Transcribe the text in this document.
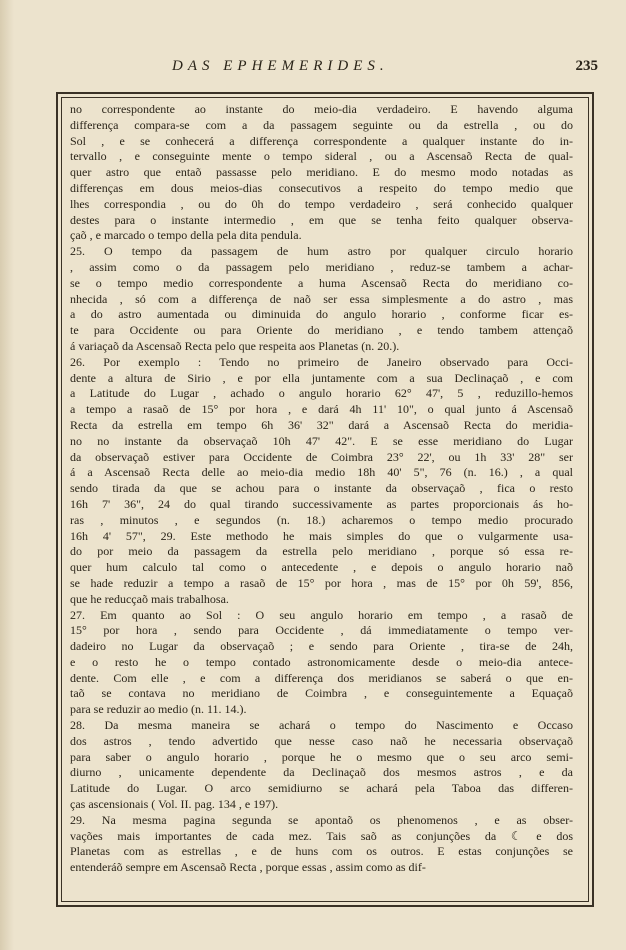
DAS EPHEMERIDES.	235
no correspondente ao instante do meio-dia verdadeiro. E havendo alguma
differença compara-se com a da passagem seguinte ou da estrella , ou do
Sol , e se conhecerá a differença correspondente a qualquer instante do in-
tervallo , e conseguinte mente o tempo sideral , ou a Ascensaõ Recta de qual-
quer astro que entaõ passasse pelo meridiano. E do mesmo modo notadas as
differenças em dous meios-dias consecutivos a respeito do tempo medio que
lhes correspondia , ou do 0h do tempo verdadeiro , será conhecido qualquer
destes para o instante intermedio , em que se tenha feito qualquer observa-
çaõ , e marcado o tempo della pela dita pendula.
25. O tempo da passagem de hum astro por qualquer circulo horario
, assim como o da passagem pelo meridiano , reduz-se tambem a achar-
se o tempo medio correspondente a huma Ascensaõ Recta do meridiano co-
nhecida , só com a differença de naõ ser essa simplesmente a do astro , mas
a do astro aumentada ou diminuida do angulo horario , conforme ficar es-
te para Occidente ou para Oriente do meridiano , e tendo tambem attençaõ
á variaçaõ da Ascensaõ Recta pelo que respeita aos Planetas (n. 20.).
26. Por exemplo : Tendo no primeiro de Janeiro observado para Occi-
dente a altura de Sirio , e por ella juntamente com a sua Declinaçaõ , e com
a Latitude do Lugar , achado o angulo horario 62° 47', 5 , reduzillo-hemos
a tempo a rasaõ de 15° por hora , e dará 4h 11' 10", o qual junto á Ascensaõ
Recta da estrella em tempo 6h 36' 32" dará a Ascensaõ Recta do meridia-
no no instante da observaçaõ 10h 47' 42". E se esse meridiano do Lugar
da observaçaõ estiver para Occidente de Coimbra 23° 22', ou 1h 33' 28" ser
á a Ascensaõ Recta delle ao meio-dia medio 18h 40' 5", 76 (n. 16.) , a qual
sendo tirada da que se achou para o instante da observaçaõ , fica o resto
16h 7' 36", 24 do qual tirando successivamente as partes proporcionais ás ho-
ras , minutos , e segundos (n. 18.) acharemos o tempo medio procurado
16h 4' 57", 29. Este methodo he mais simples do que o vulgarmente usa-
do por meio da passagem da estrella pelo meridiano , porque só essa re-
quer hum calculo tal como o antecedente , e depois o angulo horario naõ
se hade reduzir a tempo a rasaõ de 15° por hora , mas de 15° por 0h 59', 856,
que he reducçaõ mais trabalhosa.
27. Em quanto ao Sol : O seu angulo horario em tempo , a rasaõ de
15° por hora , sendo para Occidente , dá immediatamente o tempo ver-
dadeiro no Lugar da observaçaõ ; e sendo para Oriente , tira-se de 24h,
e o resto he o tempo contado astronomicamente desde o meio-dia antece-
dente. Com elle , e com a differença dos meridianos se saberá o que en-
taõ se contava no meridiano de Coimbra , e conseguintemente a Equaçaõ
para se reduzir ao medio (n. 11. 14.).
28. Da mesma maneira se achará o tempo do Nascimento e Occaso
dos astros , tendo advertido que nesse caso naõ he necessaria observaçaõ
para saber o angulo horario , porque he o mesmo que o seu arco semi-
diurno , unicamente dependente da Declinaçaõ dos mesmos astros , e da
Latitude do Lugar. O arco semidiurno se achará pela Taboa das differen-
ças ascensionais ( Vol. II. pag. 134 , e 197).
29. Na mesma pagina segunda se apontaõ os phenomenos , e as obser-
vações mais importantes de cada mez. Tais saõ as conjunções da ☾ e dos
Planetas com as estrellas , e de huns com os outros. E estas conjunções se
entenderáõ sempre em Ascensaõ Recta , porque essas , assim como as dif-
